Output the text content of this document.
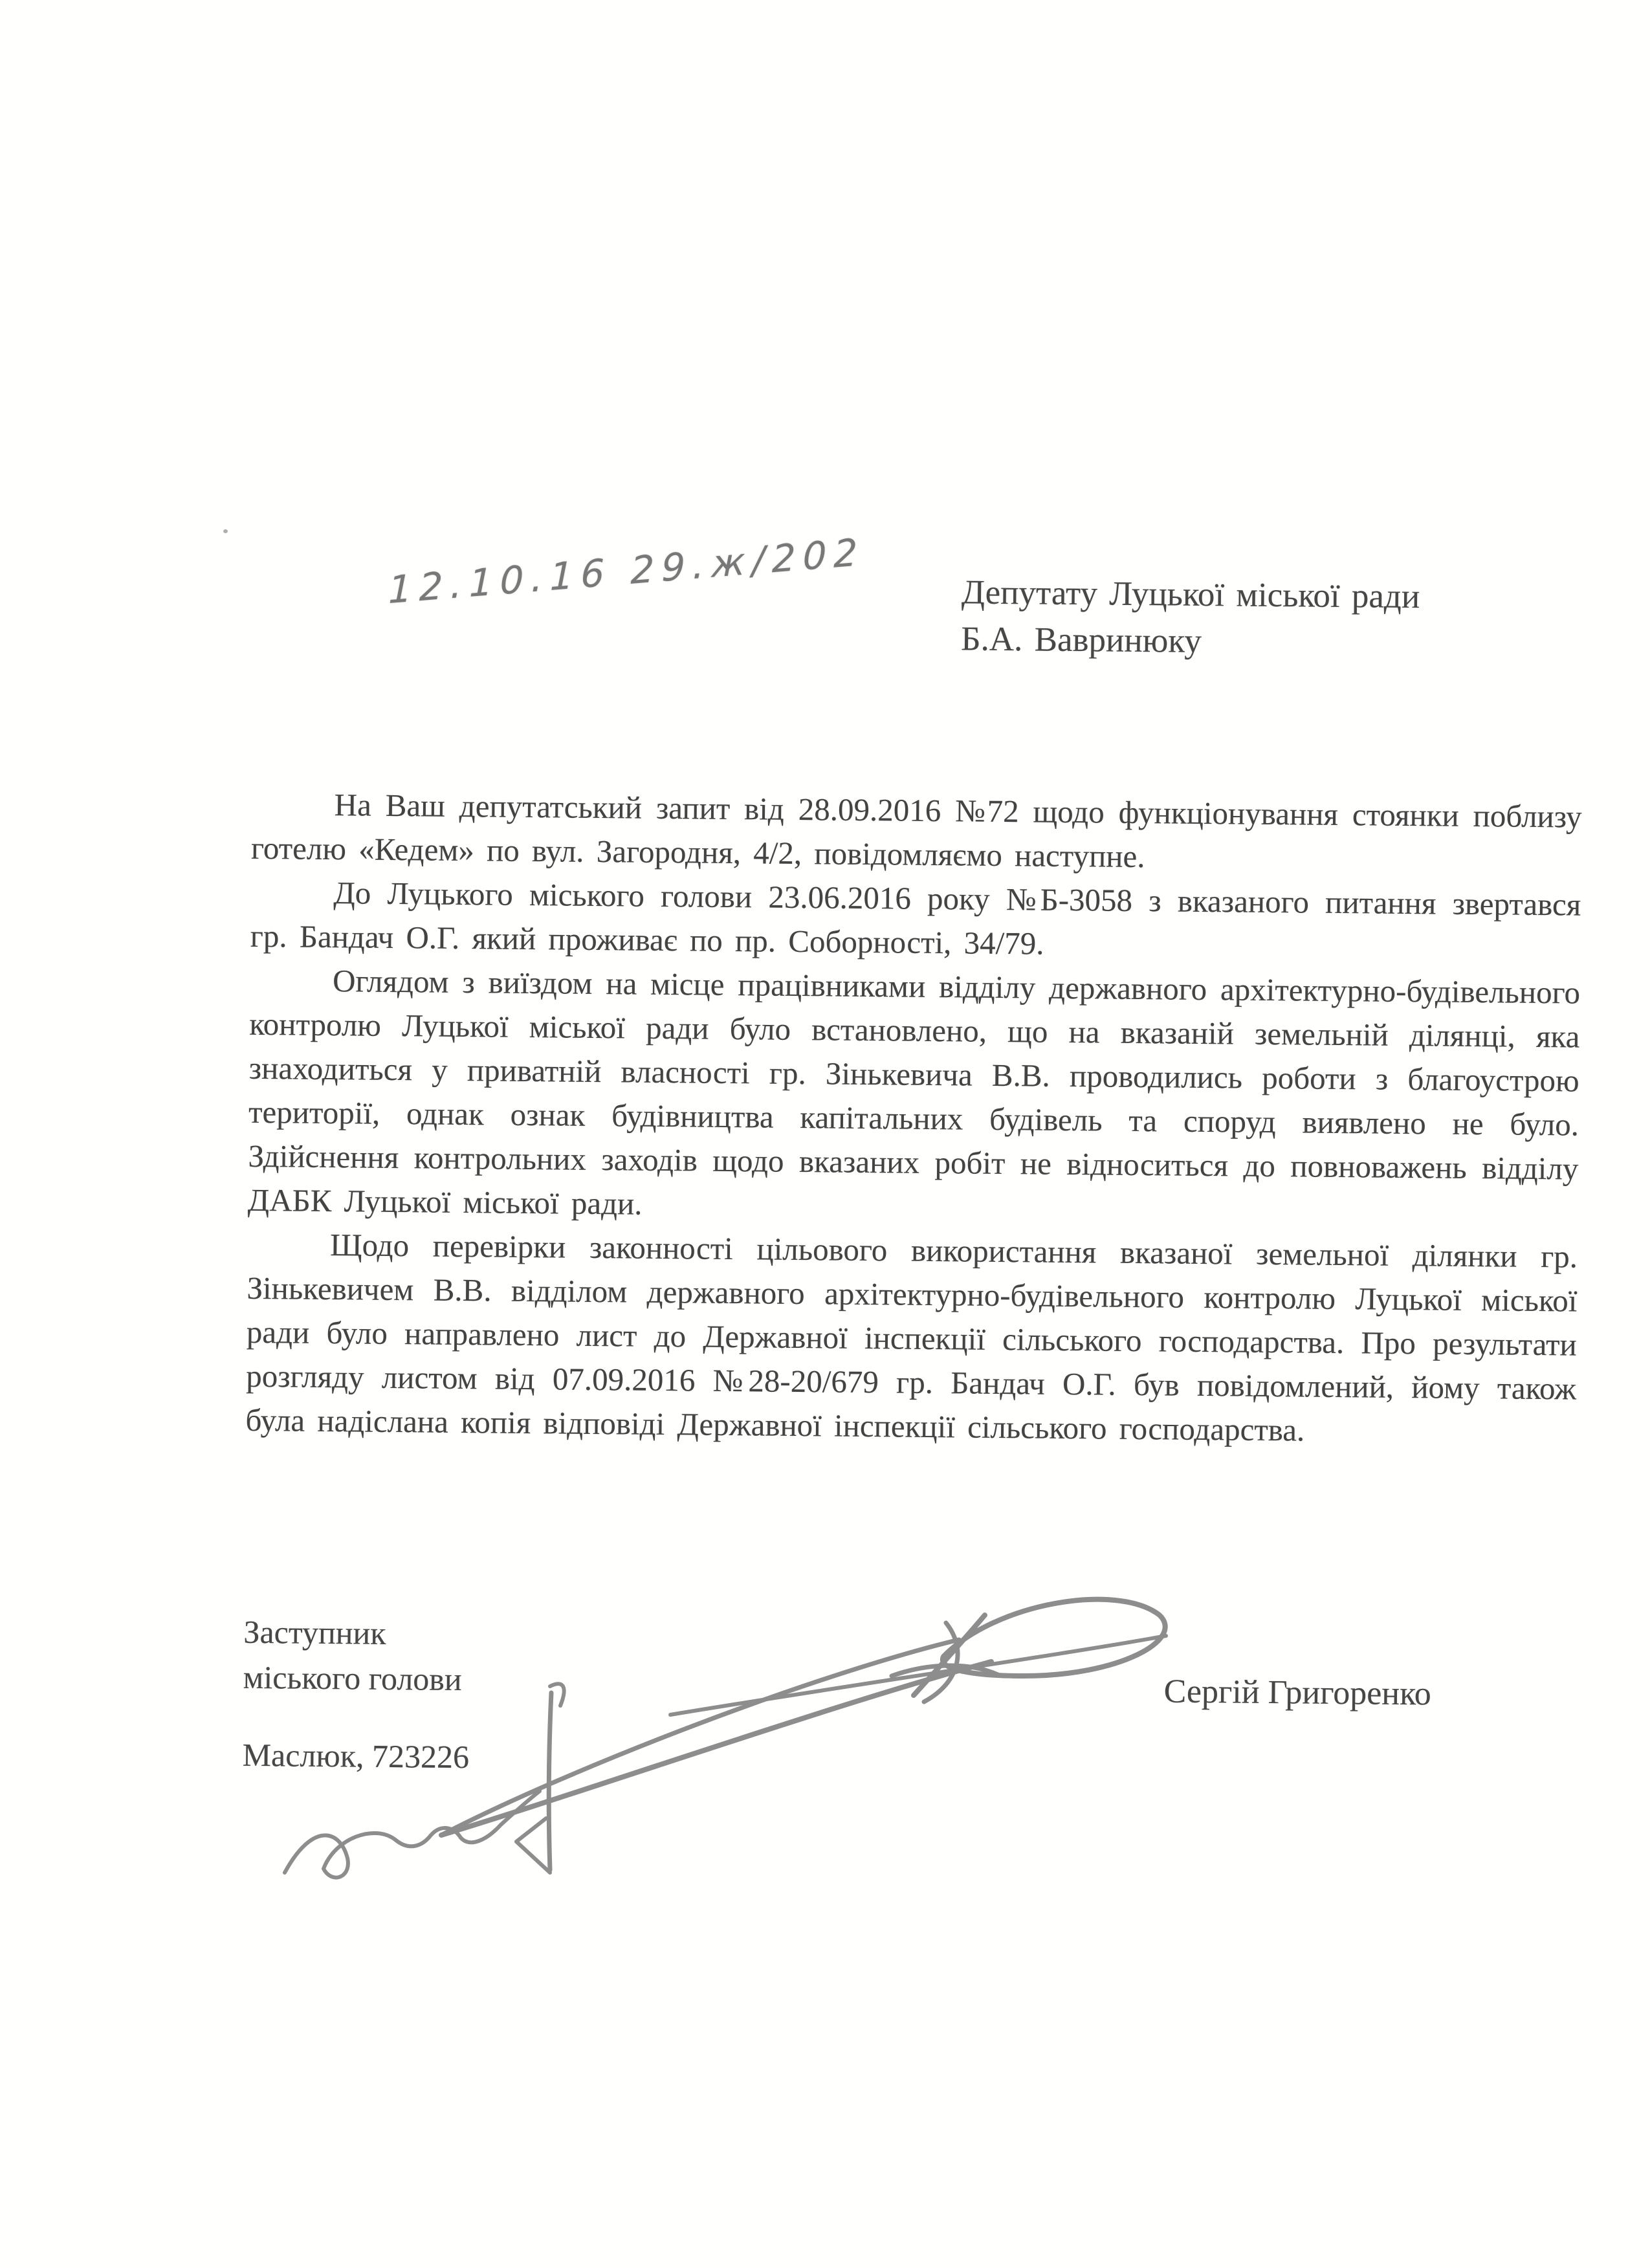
12.10.16 29.ж/202	Депутату Луцької міської ради
Б.А. Вавринюку

На Ваш депутатський запит від 28.09.2016 №72 щодо функціонування стоянки поблизу готелю «Кедем» по вул. Загородня, 4/2, повідомляємо наступне.

До Луцького міського голови 23.06.2016 року №Б-3058 з вказаного питання звертався гр. Бандач О.Г. який проживає по пр. Соборності, 34/79.

Оглядом з виїздом на місце працівниками відділу державного архітектурно-будівельного контролю Луцької міської ради було встановлено, що на вказаній земельній ділянці, яка знаходиться у приватній власності гр. Зінькевича В.В. проводились роботи з благоустрою території, однак ознак будівництва капітальних будівель та споруд виявлено не було. Здійснення контрольних заходів щодо вказаних робіт не відноситься до повноважень відділу ДАБК Луцької міської ради.

Щодо перевірки законності цільового використання вказаної земельної ділянки гр. Зінькевичем В.В. відділом державного архітектурно-будівельного контролю Луцької міської ради було направлено лист до Державної інспекції сільського господарства. Про результати розгляду листом від 07.09.2016 №28-20/679 гр. Бандач О.Г. був повідомлений, йому також була надіслана копія відповіді Державної інспекції сільського господарства.

Заступник
міського голови	Сергій Григоренко
Маслюк, 723226
